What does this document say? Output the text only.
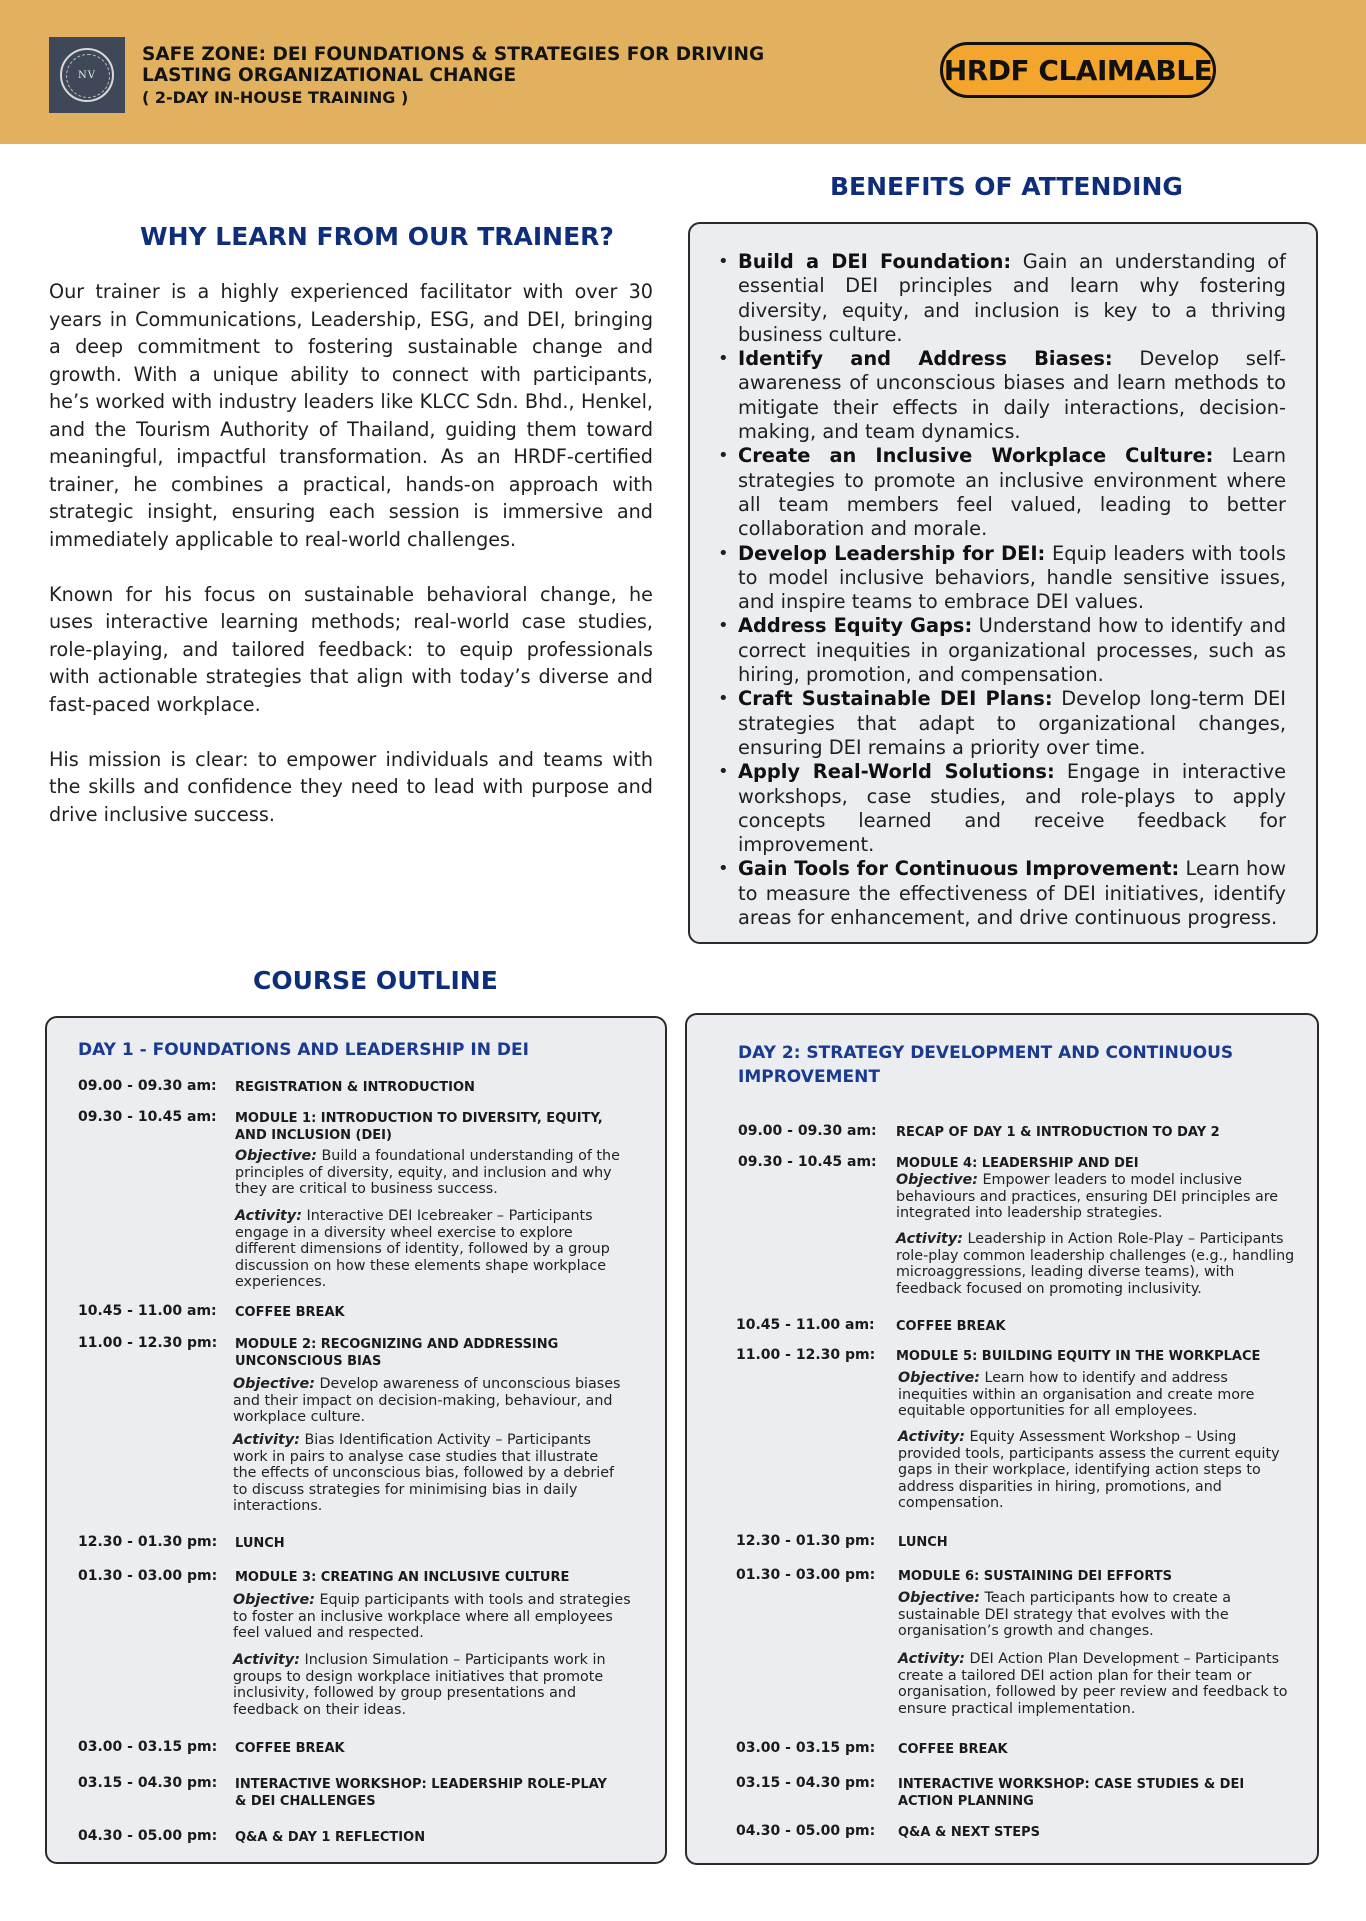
NV
SAFE ZONE: DEI FOUNDATIONS & STRATEGIES FOR DRIVING LASTING ORGANIZATIONAL CHANGE
( 2-DAY IN-HOUSE TRAINING )
HRDF CLAIMABLE
BENEFITS OF ATTENDING
WHY LEARN FROM OUR TRAINER?

Our trainer is a highly experienced facilitator with over 30 years in Communications, Leadership, ESG, and DEI, bringing a deep commitment to fostering sustainable change and growth. With a unique ability to connect with participants, he’s worked with industry leaders like KLCC Sdn. Bhd., Henkel, and the Tourism Authority of Thailand, guiding them toward meaningful, impactful transformation. As an HRDF-certified trainer, he combines a practical, hands-on approach with strategic insight, ensuring each session is immersive and immediately applicable to real-world challenges.

Known for his focus on sustainable behavioral change, he uses interactive learning methods; real-world case studies, role-playing, and tailored feedback: to equip professionals with actionable strategies that align with today’s diverse and fast-paced workplace.

His mission is clear: to empower individuals and teams with the skills and confidence they need to lead with purpose and drive inclusive success.

• Build a DEI Foundation: Gain an understanding of essential DEI principles and learn why fostering diversity, equity, and inclusion is key to a thriving business culture.
• Identify and Address Biases: Develop self-awareness of unconscious biases and learn methods to mitigate their effects in daily interactions, decision-making, and team dynamics.
• Create an Inclusive Workplace Culture: Learn strategies to promote an inclusive environment where all team members feel valued, leading to better collaboration and morale.
• Develop Leadership for DEI: Equip leaders with tools to model inclusive behaviors, handle sensitive issues, and inspire teams to embrace DEI values.
• Address Equity Gaps: Understand how to identify and correct inequities in organizational processes, such as hiring, promotion, and compensation.
• Craft Sustainable DEI Plans: Develop long-term DEI strategies that adapt to organizational changes, ensuring DEI remains a priority over time.
• Apply Real-World Solutions: Engage in interactive workshops, case studies, and role-plays to apply concepts learned and receive feedback for improvement.
• Gain Tools for Continuous Improvement: Learn how to measure the effectiveness of DEI initiatives, identify areas for enhancement, and drive continuous progress.
COURSE OUTLINE
DAY 1 - FOUNDATIONS AND LEADERSHIP IN DEI
09.00 - 09.30 am: REGISTRATION & INTRODUCTION
09.30 - 10.45 am: MODULE 1: INTRODUCTION TO DIVERSITY, EQUITY, AND INCLUSION (DEI)
Objective: Build a foundational understanding of the principles of diversity, equity, and inclusion and why they are critical to business success.
Activity: Interactive DEI Icebreaker – Participants engage in a diversity wheel exercise to explore different dimensions of identity, followed by a group discussion on how these elements shape workplace experiences.
10.45 - 11.00 am: COFFEE BREAK
11.00 - 12.30 pm: MODULE 2: RECOGNIZING AND ADDRESSING UNCONSCIOUS BIAS
Objective: Develop awareness of unconscious biases and their impact on decision-making, behaviour, and workplace culture.
Activity: Bias Identification Activity – Participants work in pairs to analyse case studies that illustrate the effects of unconscious bias, followed by a debrief to discuss strategies for minimising bias in daily interactions.
12.30 - 01.30 pm: LUNCH
01.30 - 03.00 pm: MODULE 3: CREATING AN INCLUSIVE CULTURE
Objective: Equip participants with tools and strategies to foster an inclusive workplace where all employees feel valued and respected.
Activity: Inclusion Simulation – Participants work in groups to design workplace initiatives that promote inclusivity, followed by group presentations and feedback on their ideas.
03.00 - 03.15 pm: COFFEE BREAK
03.15 - 04.30 pm: INTERACTIVE WORKSHOP: LEADERSHIP ROLE-PLAY & DEI CHALLENGES
04.30 - 05.00 pm: Q&A & DAY 1 REFLECTION
DAY 2: STRATEGY DEVELOPMENT AND CONTINUOUS IMPROVEMENT
09.00 - 09.30 am: RECAP OF DAY 1 & INTRODUCTION TO DAY 2
09.30 - 10.45 am: MODULE 4: LEADERSHIP AND DEI
Objective: Empower leaders to model inclusive behaviours and practices, ensuring DEI principles are integrated into leadership strategies.
Activity: Leadership in Action Role-Play – Participants role-play common leadership challenges (e.g., handling microaggressions, leading diverse teams), with feedback focused on promoting inclusivity.
10.45 - 11.00 am: COFFEE BREAK
11.00 - 12.30 pm: MODULE 5: BUILDING EQUITY IN THE WORKPLACE
Objective: Learn how to identify and address inequities within an organisation and create more equitable opportunities for all employees.
Activity: Equity Assessment Workshop – Using provided tools, participants assess the current equity gaps in their workplace, identifying action steps to address disparities in hiring, promotions, and compensation.
12.30 - 01.30 pm: LUNCH
01.30 - 03.00 pm: MODULE 6: SUSTAINING DEI EFFORTS
Objective: Teach participants how to create a sustainable DEI strategy that evolves with the organisation’s growth and changes.
Activity: DEI Action Plan Development – Participants create a tailored DEI action plan for their team or organisation, followed by peer review and feedback to ensure practical implementation.
03.00 - 03.15 pm: COFFEE BREAK
03.15 - 04.30 pm: INTERACTIVE WORKSHOP: CASE STUDIES & DEI ACTION PLANNING
04.30 - 05.00 pm: Q&A & NEXT STEPS
